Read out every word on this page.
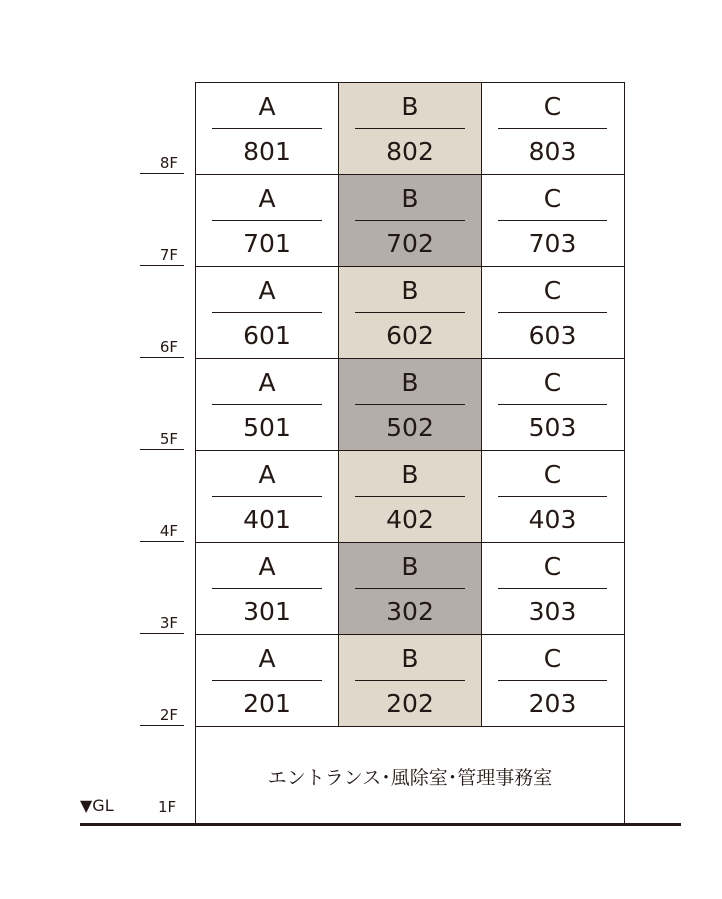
エントランス･風除室･管理事務室
A
801
B
802
C
803
A
701
B
702
C
703
A
601
B
602
C
603
A
501
B
502
C
503
A
401
B
402
C
403
A
301
B
302
C
303
A
201
B
202
C
203
8F
7F
6F
5F
4F
3F
2F
▼GL	1F
